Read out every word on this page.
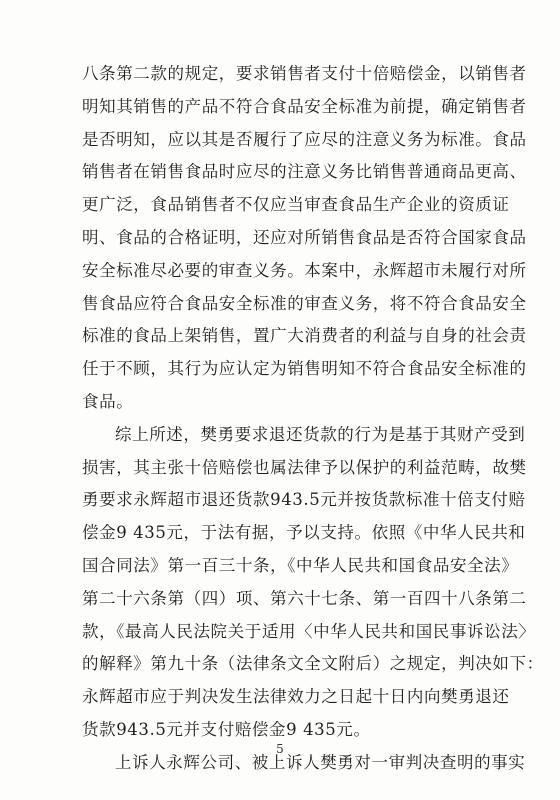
八条第二款的规定，要求销售者支付十倍赔偿金，以销售者
明知其销售的产品不符合食品安全标准为前提，确定销售者
是否明知，应以其是否履行了应尽的注意义务为标准。食品
销售者在销售食品时应尽的注意义务比销售普通商品更高、
更广泛，食品销售者不仅应当审查食品生产企业的资质证
明、食品的合格证明，还应对所销售食品是否符合国家食品
安全标准尽必要的审查义务。本案中，永辉超市未履行对所
售食品应符合食品安全标准的审查义务，将不符合食品安全
标准的食品上架销售，置广大消费者的利益与自身的社会责
任于不顾，其行为应认定为销售明知不符合食品安全标准的
食品。
综上所述，樊勇要求退还货款的行为是基于其财产受到
损害，其主张十倍赔偿也属法律予以保护的利益范畴，故樊
勇要求永辉超市退还货款943.5元并按货款标准十倍支付赔
偿金9 435元，于法有据，予以支持。依照《中华人民共和
国合同法》第一百三十条，《中华人民共和国食品安全法》
第二十六条第（四）项、第六十七条、第一百四十八条第二
款，《最高人民法院关于适用〈中华人民共和国民事诉讼法〉
的解释》第九十条（法律条文全文附后）之规定，判决如下：
永辉超市应于判决发生法律效力之日起十日内向樊勇退还
货款943.5元并支付赔偿金9 435元。
上诉人永辉公司、被上诉人樊勇对一审判决查明的事实
5
